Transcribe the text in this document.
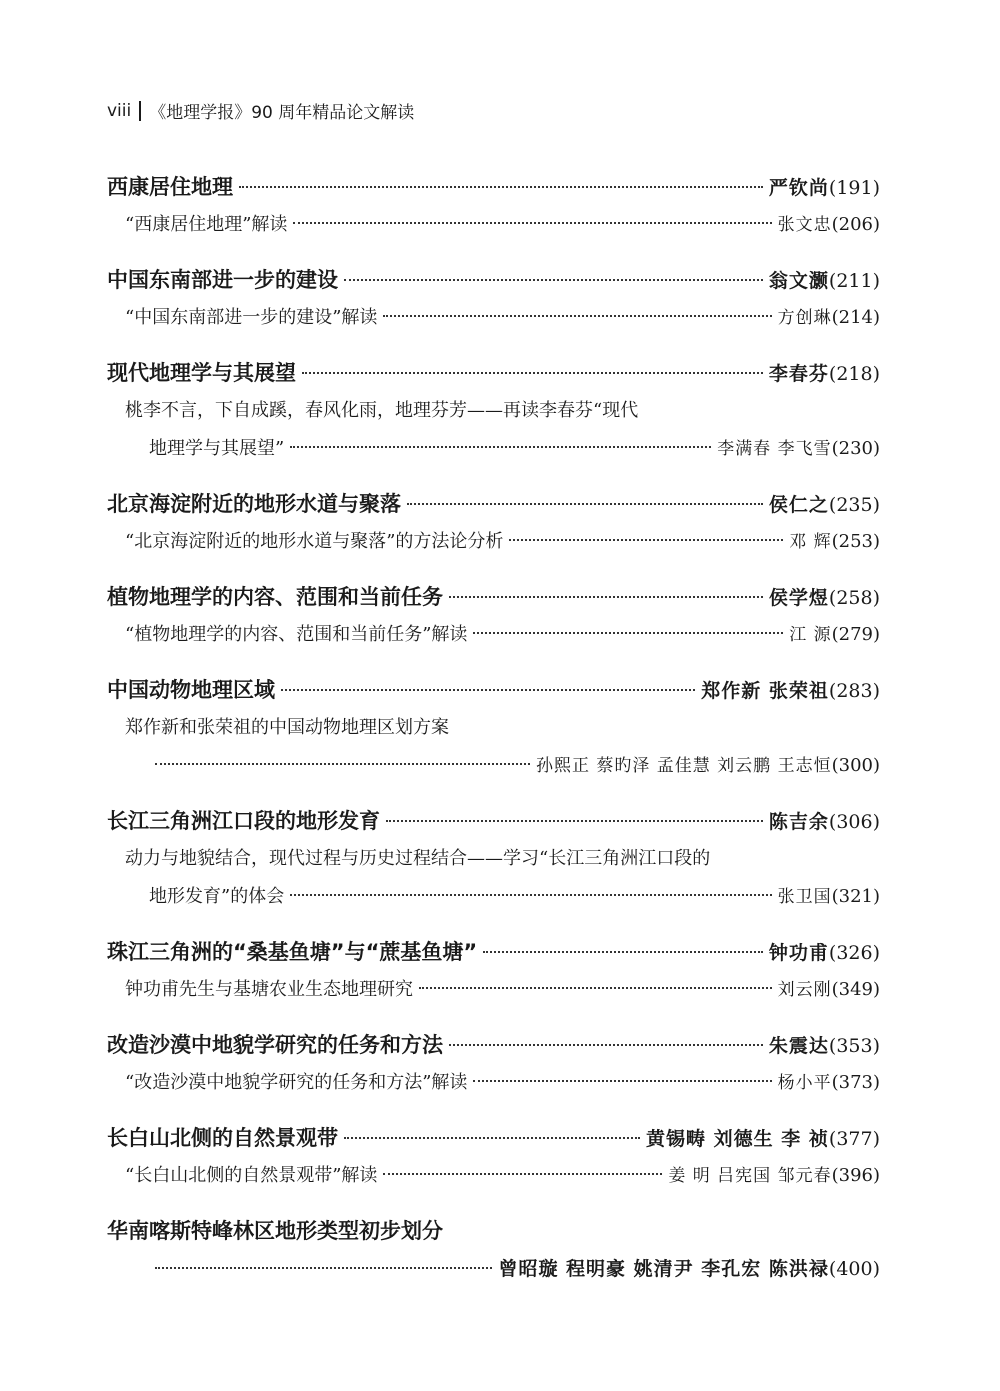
viii 《地理学报》90 周年精品论文解读
西康居住地理	严钦尚 (191)
“西康居住地理”解读	张文忠 (206)
中国东南部进一步的建设	翁文灏 (211)
“中国东南部进一步的建设”解读	方创琳 (214)
现代地理学与其展望	李春芬 (218)
桃李不言，下自成蹊，春风化雨，地理芬芳——再读李春芬“现代
地理学与其展望”	李满春 李飞雪 (230)
北京海淀附近的地形水道与聚落	侯仁之 (235)
“北京海淀附近的地形水道与聚落”的方法论分析	邓 辉 (253)
植物地理学的内容、范围和当前任务	侯学煜 (258)
“植物地理学的内容、范围和当前任务”解读	江 源 (279)
中国动物地理区域	郑作新 张荣祖 (283)
郑作新和张荣祖的中国动物地理区划方案
孙熙正 蔡旳泽 孟佳慧 刘云鹏 王志恒 (300)
长江三角洲江口段的地形发育	陈吉余 (306)
动力与地貌结合，现代过程与历史过程结合——学习“长江三角洲江口段的
地形发育”的体会	张卫国 (321)
珠江三角洲的“桑基鱼塘”与“蔗基鱼塘”	钟功甫 (326)
钟功甫先生与基塘农业生态地理研究	刘云刚 (349)
改造沙漠中地貌学研究的任务和方法	朱震达 (353)
“改造沙漠中地貌学研究的任务和方法”解读	杨小平 (373)
长白山北侧的自然景观带	黄锡畴 刘德生 李 祯 (377)
“长白山北侧的自然景观带”解读	姜 明 吕宪国 邹元春 (396)
华南喀斯特峰林区地形类型初步划分
曾昭璇 程明豪 姚清尹 李孔宏 陈洪禄 (400)
